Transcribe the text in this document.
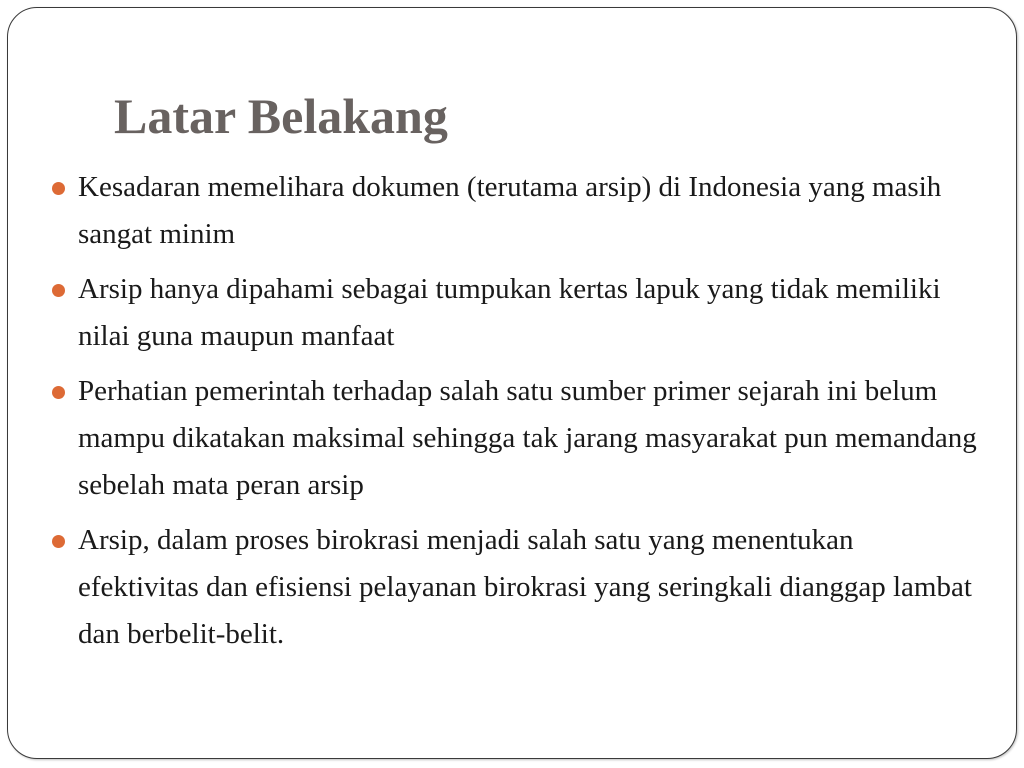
Latar Belakang
Kesadaran memelihara dokumen (terutama arsip) di Indonesia yang masih sangat minim
Arsip hanya dipahami sebagai tumpukan kertas lapuk yang tidak memiliki nilai guna maupun manfaat
Perhatian pemerintah terhadap salah satu sumber primer sejarah ini belum mampu dikatakan maksimal sehingga tak jarang masyarakat pun memandang sebelah mata peran arsip
Arsip, dalam proses birokrasi menjadi salah satu yang menentukan efektivitas dan efisiensi pelayanan birokrasi yang seringkali dianggap lambat dan berbelit-belit.
